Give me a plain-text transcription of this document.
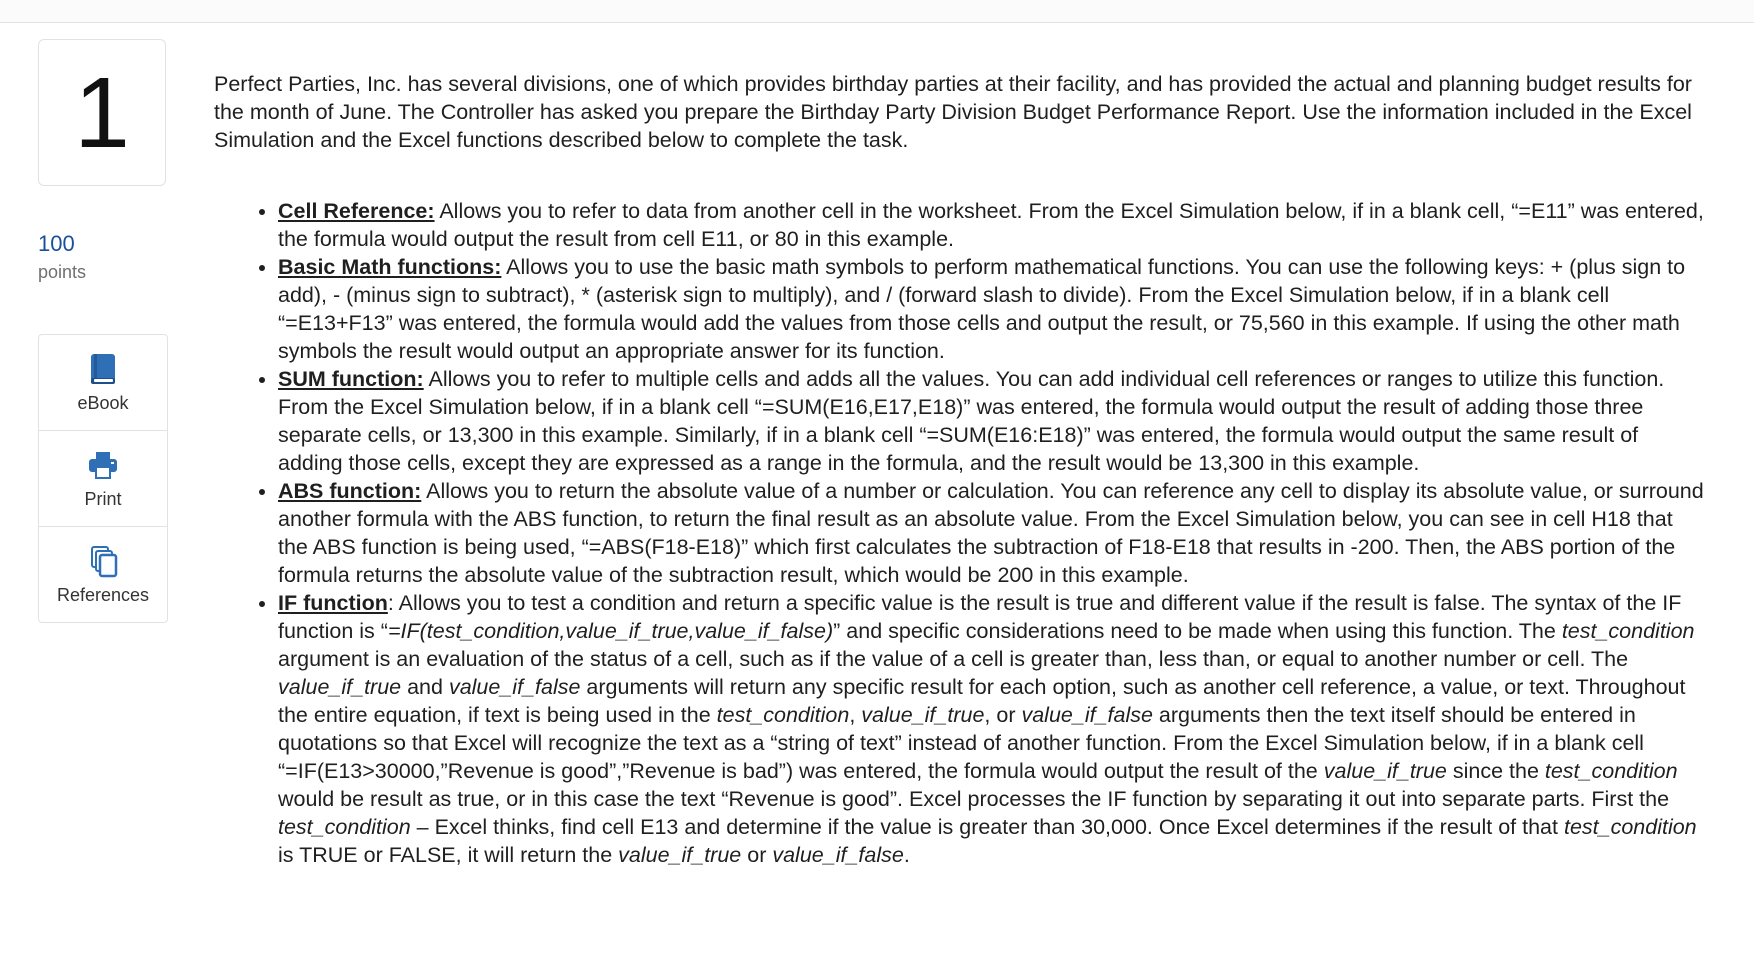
1
100
points
eBook
Print
References

Perfect Parties, Inc. has several divisions, one of which provides birthday parties at their facility, and has provided the actual and planning budget results for the month of June. The Controller has asked you prepare the Birthday Party Division Budget Performance Report. Use the information included in the Excel Simulation and the Excel functions described below to complete the task.

• Cell Reference: Allows you to refer to data from another cell in the worksheet. From the Excel Simulation below, if in a blank cell, “=E11” was entered, the formula would output the result from cell E11, or 80 in this example.
• Basic Math functions: Allows you to use the basic math symbols to perform mathematical functions. You can use the following keys: + (plus sign to add), - (minus sign to subtract), * (asterisk sign to multiply), and / (forward slash to divide). From the Excel Simulation below, if in a blank cell “=E13+F13” was entered, the formula would add the values from those cells and output the result, or 75,560 in this example. If using the other math symbols the result would output an appropriate answer for its function.
• SUM function: Allows you to refer to multiple cells and adds all the values. You can add individual cell references or ranges to utilize this function. From the Excel Simulation below, if in a blank cell “=SUM(E16,E17,E18)” was entered, the formula would output the result of adding those three separate cells, or 13,300 in this example. Similarly, if in a blank cell “=SUM(E16:E18)” was entered, the formula would output the same result of adding those cells, except they are expressed as a range in the formula, and the result would be 13,300 in this example.
• ABS function: Allows you to return the absolute value of a number or calculation. You can reference any cell to display its absolute value, or surround another formula with the ABS function, to return the final result as an absolute value. From the Excel Simulation below, you can see in cell H18 that the ABS function is being used, “=ABS(F18-E18)” which first calculates the subtraction of F18-E18 that results in -200. Then, the ABS portion of the formula returns the absolute value of the subtraction result, which would be 200 in this example.
• IF function: Allows you to test a condition and return a specific value is the result is true and different value if the result is false. The syntax of the IF function is “=IF(test_condition,value_if_true,value_if_false)” and specific considerations need to be made when using this function. The test_condition argument is an evaluation of the status of a cell, such as if the value of a cell is greater than, less than, or equal to another number or cell. The value_if_true and value_if_false arguments will return any specific result for each option, such as another cell reference, a value, or text. Throughout the entire equation, if text is being used in the test_condition, value_if_true, or value_if_false arguments then the text itself should be entered in quotations so that Excel will recognize the text as a “string of text” instead of another function. From the Excel Simulation below, if in a blank cell “=IF(E13>30000,”Revenue is good”,”Revenue is bad”) was entered, the formula would output the result of the value_if_true since the test_condition would be result as true, or in this case the text “Revenue is good”. Excel processes the IF function by separating it out into separate parts. First the test_condition – Excel thinks, find cell E13 and determine if the value is greater than 30,000. Once Excel determines if the result of that test_condition is TRUE or FALSE, it will return the value_if_true or value_if_false.
